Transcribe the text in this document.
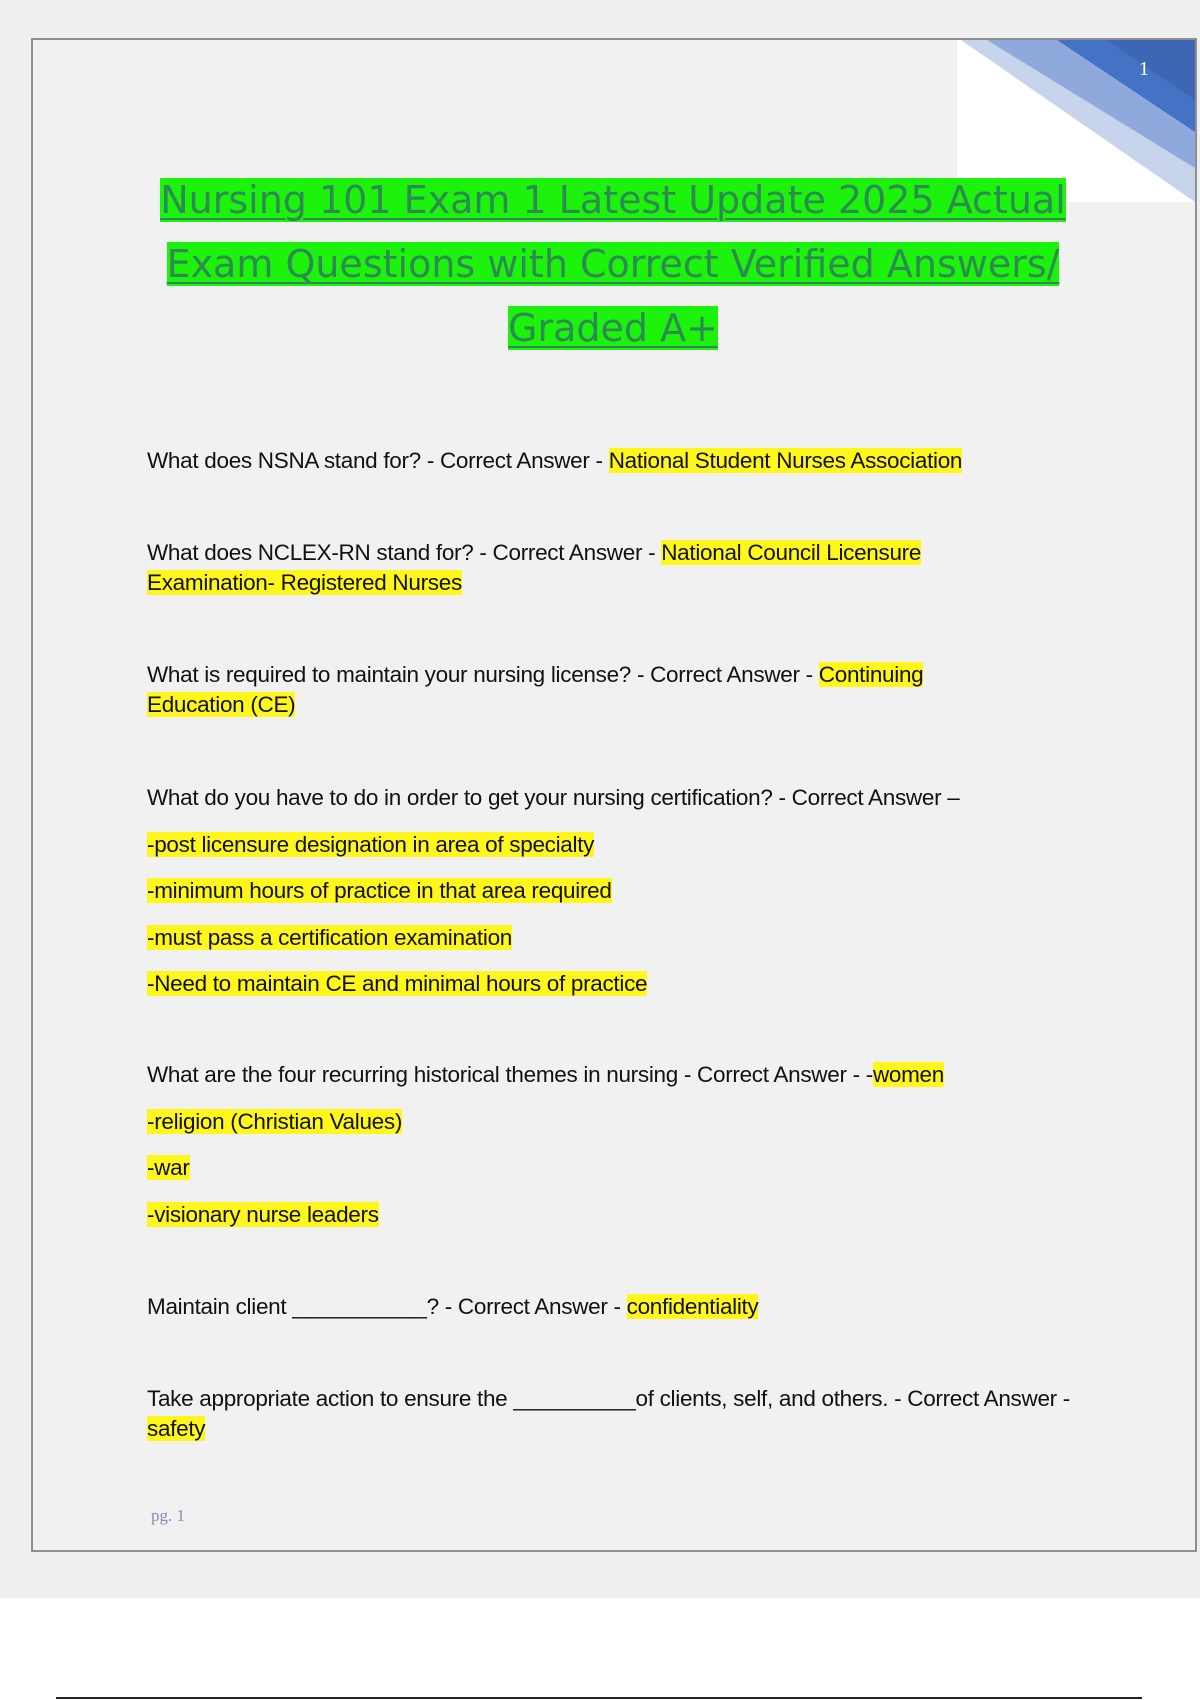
1
Nursing 101 Exam 1 Latest Update 2025 Actual
Exam Questions with Correct Verified Answers/
Graded A+
What does NSNA stand for? - Correct Answer - National Student Nurses Association
What does NCLEX-RN stand for? - Correct Answer - National Council Licensure Examination- Registered Nurses
What is required to maintain your nursing license? - Correct Answer - Continuing Education (CE)
What do you have to do in order to get your nursing certification? - Correct Answer –
-post licensure designation in area of specialty
-minimum hours of practice in that area required
-must pass a certification examination
-Need to maintain CE and minimal hours of practice
What are the four recurring historical themes in nursing - Correct Answer - -women
-religion (Christian Values)
-war
-visionary nurse leaders
Maintain client ___________? - Correct Answer - confidentiality
Take appropriate action to ensure the __________of clients, self, and others. - Correct Answer - safety
pg. 1
